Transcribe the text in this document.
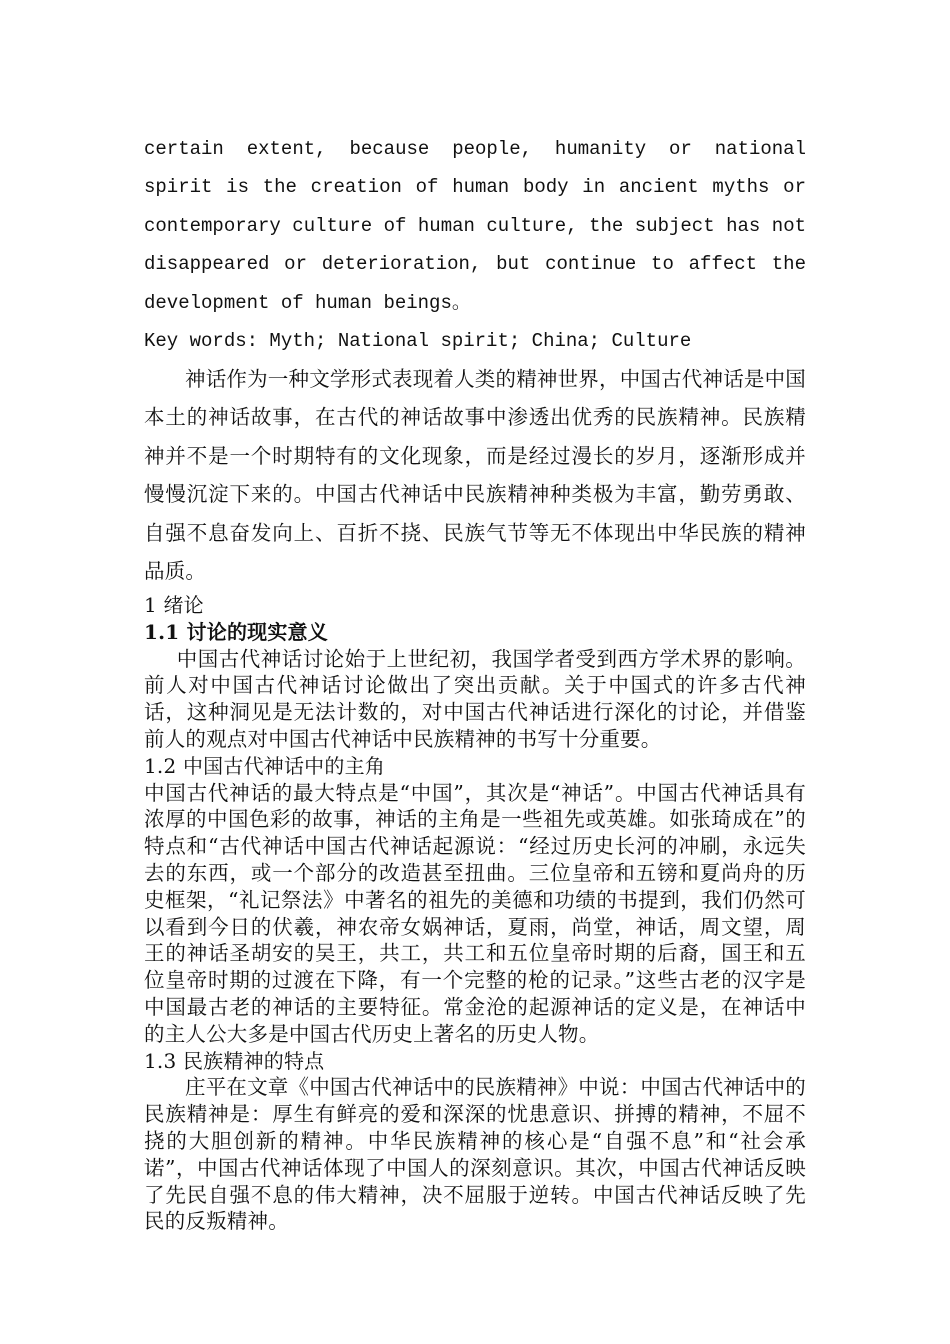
certain extent, because people, humanity or national spirit is the creation of human body in ancient myths or contemporary culture of human culture, the subject has not disappeared or deterioration, but continue to affect the development of human beings。

Key words: Myth; National spirit; China; Culture

神话作为一种文学形式表现着人类的精神世界，中国古代神话是中国本土的神话故事，在古代的神话故事中渗透出优秀的民族精神。民族精神并不是一个时期特有的文化现象，而是经过漫长的岁月，逐渐形成并慢慢沉淀下来的。中国古代神话中民族精神种类极为丰富，勤劳勇敢、自强不息奋发向上、百折不挠、民族气节等无不体现出中华民族的精神品质。

1 绪论
1.1 讨论的现实意义

中国古代神话讨论始于上世纪初，我国学者受到西方学术界的影响。前人对中国古代神话讨论做出了突出贡献。关于中国式的许多古代神话，这种洞见是无法计数的，对中国古代神话进行深化的讨论，并借鉴前人的观点对中国古代神话中民族精神的书写十分重要。

1.2 中国古代神话中的主角

中国古代神话的最大特点是“中国”，其次是“神话”。中国古代神话具有浓厚的中国色彩的故事，神话的主角是一些祖先或英雄。如张琦成在”的特点和“古代神话中国古代神话起源说：“经过历史长河的冲刷，永远失去的东西，或一个部分的改造甚至扭曲。三位皇帝和五镑和夏尚舟的历史框架，“礼记祭法》中著名的祖先的美德和功绩的书提到，我们仍然可以看到今日的伏羲，神农帝女娲神话，夏雨，尚堂，神话，周文望，周王的神话圣胡安的吴王，共工，共工和五位皇帝时期的后裔，国王和五位皇帝时期的过渡在下降，有一个完整的枪的记录。”这些古老的汉字是中国最古老的神话的主要特征。常金沧的起源神话的定义是，在神话中的主人公大多是中国古代历史上著名的历史人物。

1.3 民族精神的特点

庄平在文章《中国古代神话中的民族精神》中说：中国古代神话中的民族精神是：厚生有鲜亮的爱和深深的忧患意识、拼搏的精神，不屈不挠的大胆创新的精神。中华民族精神的核心是“自强不息”和“社会承诺”，中国古代神话体现了中国人的深刻意识。其次，中国古代神话反映了先民自强不息的伟大精神，决不屈服于逆转。中国古代神话反映了先民的反叛精神。
